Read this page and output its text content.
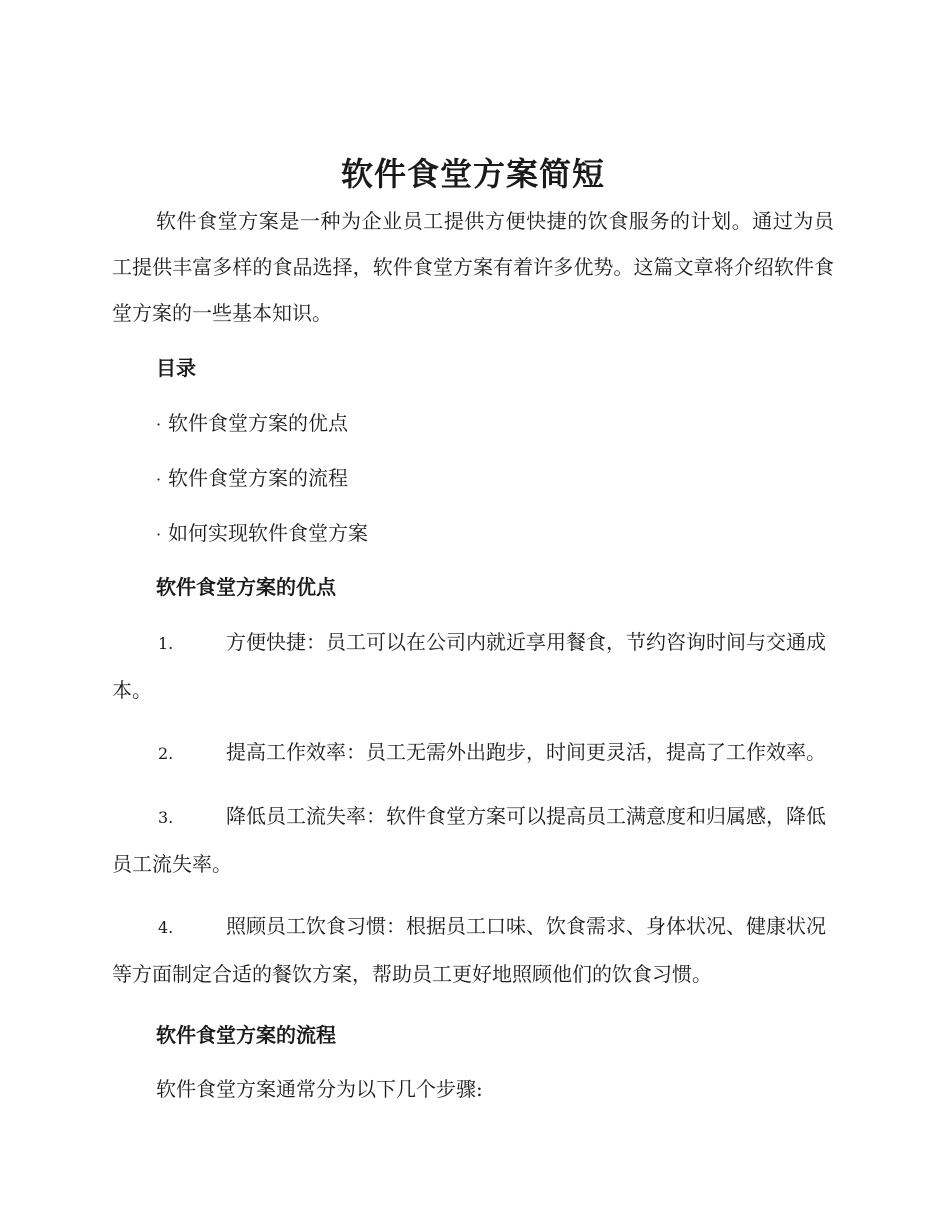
软件食堂方案简短

软件食堂方案是一种为企业员工提供方便快捷的饮食服务的计划。通过为员工提供丰富多样的食品选择，软件食堂方案有着许多优势。这篇文章将介绍软件食堂方案的一些基本知识。

目录
· 软件食堂方案的优点
· 软件食堂方案的流程
· 如何实现软件食堂方案
软件食堂方案的优点
1.	方便快捷：员工可以在公司内就近享用餐食，节约咨询时间与交通成本。
2.	提高工作效率：员工无需外出跑步，时间更灵活，提高了工作效率。
3.	降低员工流失率：软件食堂方案可以提高员工满意度和归属感，降低员工流失率。
4.	照顾员工饮食习惯：根据员工口味、饮食需求、身体状况、健康状况等方面制定合适的餐饮方案，帮助员工更好地照顾他们的饮食习惯。
软件食堂方案的流程
软件食堂方案通常分为以下几个步骤:
